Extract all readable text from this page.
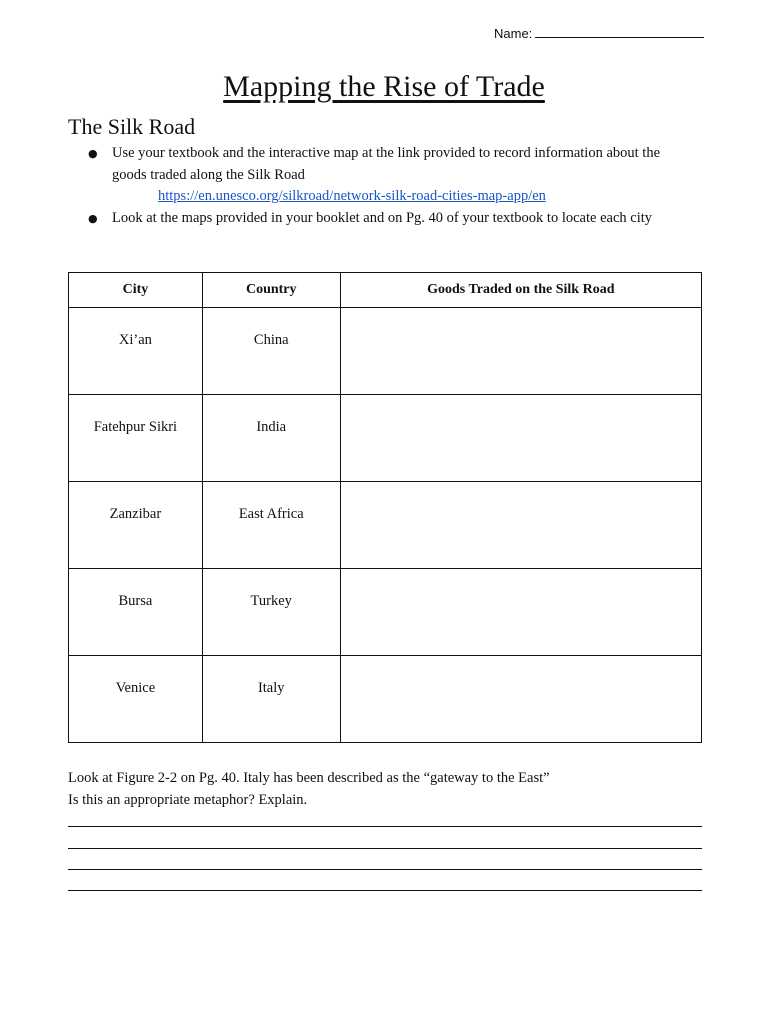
Name:
Mapping the Rise of Trade
The Silk Road
● Use your textbook and the interactive map at the link provided to record information about the goods traded along the Silk Road
https://en.unesco.org/silkroad/network-silk-road-cities-map-app/en
● Look at the maps provided in your booklet and on Pg. 40 of your textbook to locate each city
City	Country	Goods Traded on the Silk Road
Xi’an	China	
Fatehpur Sikri	India	
Zanzibar	East Africa	
Bursa	Turkey	
Venice	Italy	
Look at Figure 2-2 on Pg. 40. Italy has been described as the “gateway to the East”
Is this an appropriate metaphor? Explain.
